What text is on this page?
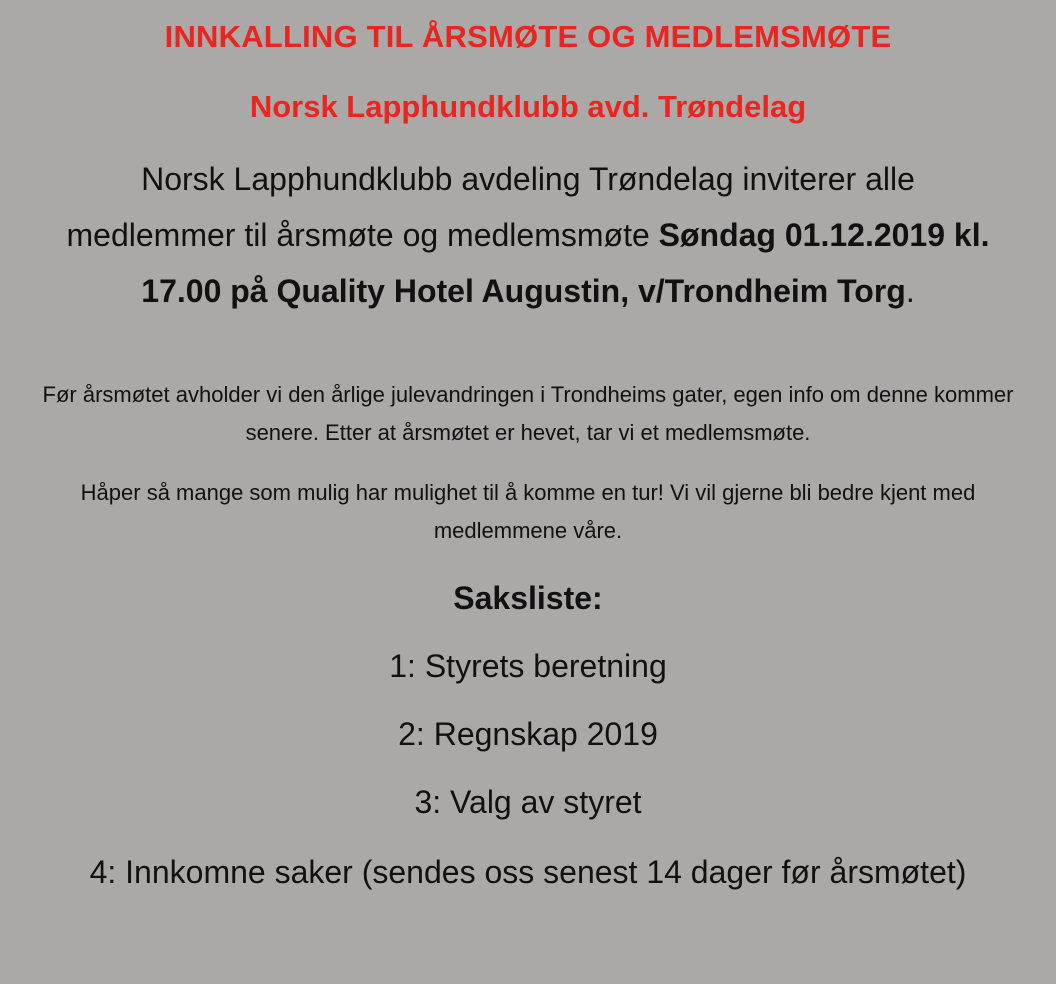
INNKALLING TIL ÅRSMØTE OG MEDLEMSMØTE
Norsk Lapphundklubb avd. Trøndelag

Norsk Lapphundklubb avdeling Trøndelag inviterer alle medlemmer til årsmøte og medlemsmøte Søndag 01.12.2019 kl. 17.00 på Quality Hotel Augustin, v/Trondheim Torg.

Før årsmøtet avholder vi den årlige julevandringen i Trondheims gater, egen info om denne kommer senere. Etter at årsmøtet er hevet, tar vi et medlemsmøte.

Håper så mange som mulig har mulighet til å komme en tur! Vi vil gjerne bli bedre kjent med medlemmene våre.

Saksliste:

1: Styrets beretning

2: Regnskap 2019

3: Valg av styret

4: Innkomne saker (sendes oss senest 14 dager før årsmøtet)
